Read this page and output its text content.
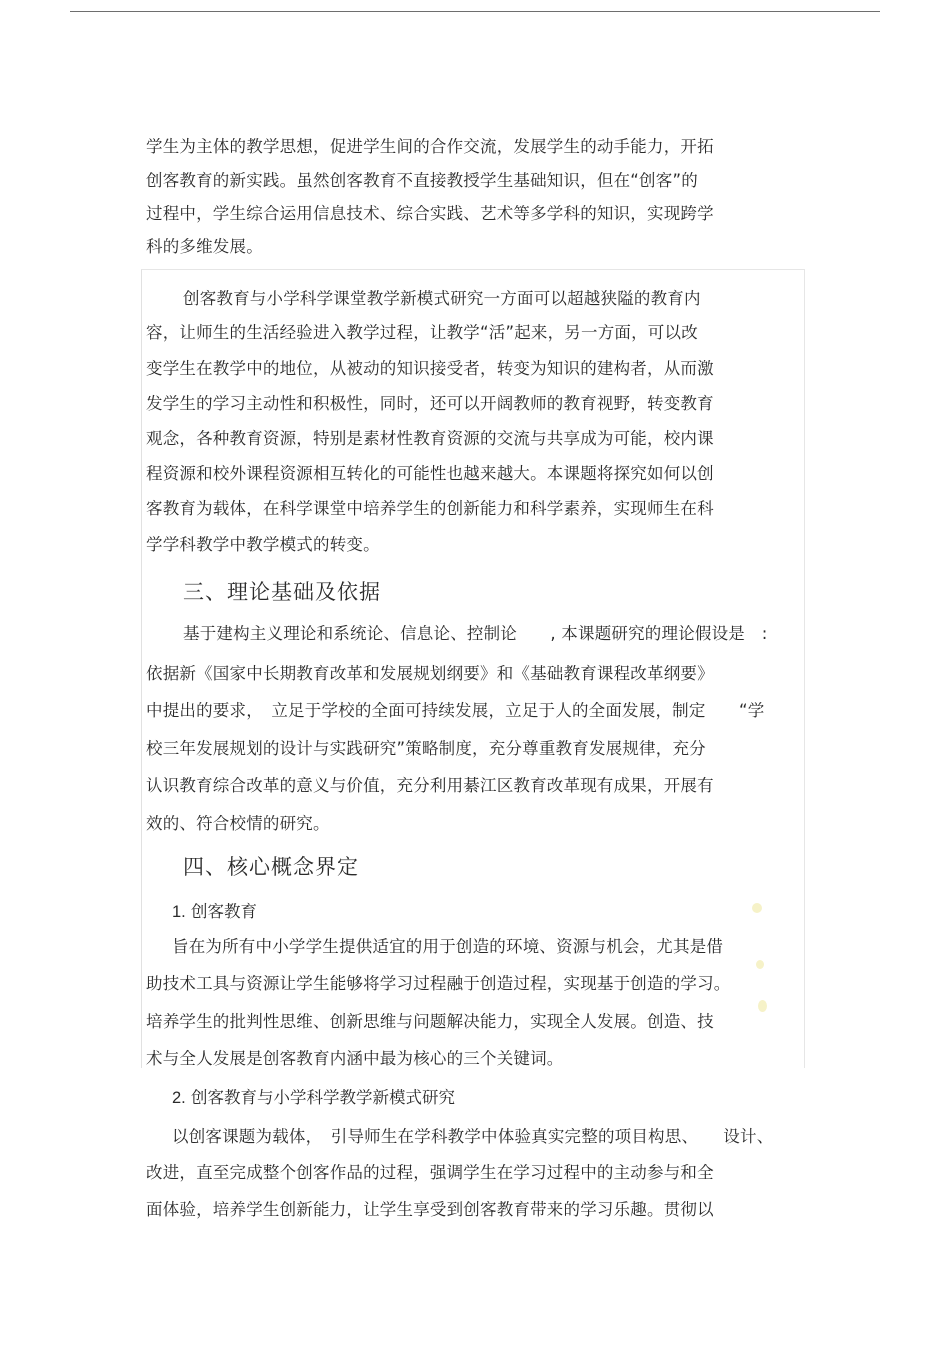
学生为主体的教学思想，促进学生间的合作交流，发展学生的动手能力，开拓
创客教育的新实践。虽然创客教育不直接教授学生基础知识，但在“创客”的
过程中，学生综合运用信息技术、综合实践、艺术等多学科的知识，实现跨学
科的多维发展。
创客教育与小学科学课堂教学新模式研究一方面可以超越狭隘的教育内
容，让师生的生活经验进入教学过程，让教学“活”起来，另一方面，可以改
变学生在教学中的地位，从被动的知识接受者，转变为知识的建构者，从而激
发学生的学习主动性和积极性，同时，还可以开阔教师的教育视野，转变教育
观念，各种教育资源，特别是素材性教育资源的交流与共享成为可能，校内课
程资源和校外课程资源相互转化的可能性也越来越大。本课题将探究如何以创
客教育为载体，在科学课堂中培养学生的创新能力和科学素养，实现师生在科
学学科教学中教学模式的转变。
三、理论基础及依据
基于建构主义理论和系统论、信息论、控制论　　, 本课题研究的理论假设是　:
依据新《国家中长期教育改革和发展规划纲要》和《基础教育课程改革纲要》
中提出的要求，　立足于学校的全面可持续发展，立足于人的全面发展，制定　　“学
校三年发展规划的设计与实践研究”策略制度，充分尊重教育发展规律，充分
认识教育综合改革的意义与价值，充分利用綦江区教育改革现有成果，开展有
效的、符合校情的研究。
四、核心概念界定
1. 创客教育
旨在为所有中小学学生提供适宜的用于创造的环境、资源与机会，尤其是借
助技术工具与资源让学生能够将学习过程融于创造过程，实现基于创造的学习。
培养学生的批判性思维、创新思维与问题解决能力，实现全人发展。创造、技
术与全人发展是创客教育内涵中最为核心的三个关键词。
2. 创客教育与小学科学教学新模式研究
以创客课题为载体，　引导师生在学科教学中体验真实完整的项目构思、　　设计、
改进，直至完成整个创客作品的过程，强调学生在学习过程中的主动参与和全
面体验，培养学生创新能力，让学生享受到创客教育带来的学习乐趣。贯彻以
